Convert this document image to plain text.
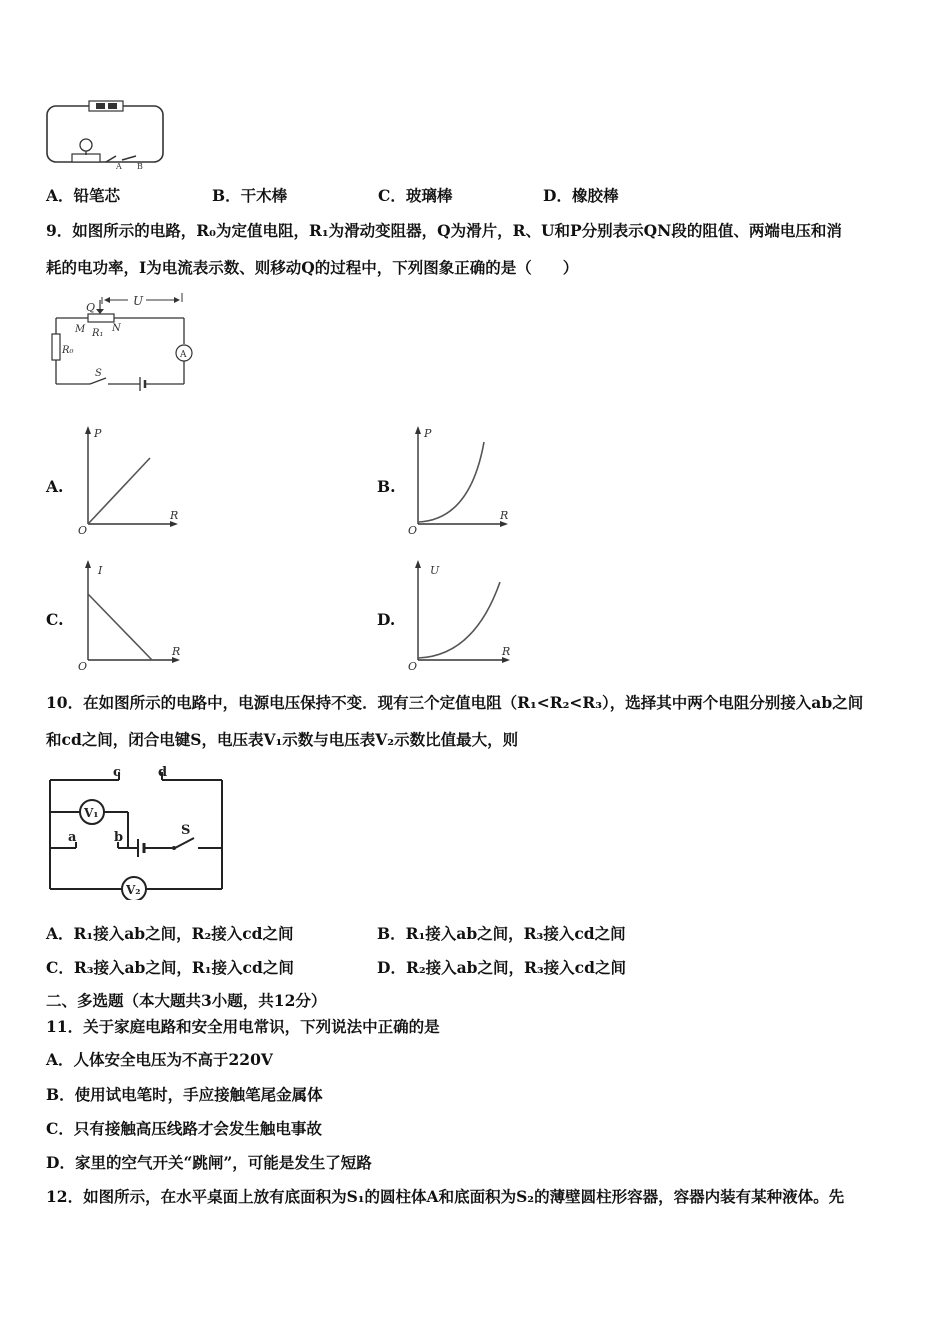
A B
A．铅笔芯	B．干木棒	C．玻璃棒	D．橡胶棒
9．如图所示的电路，R₀为定值电阻，R₁为滑动变阻器，Q为滑片，R、U和P分别表示QN段的阻值、两端电压和消
耗的电功率，I为电流表示数、则移动Q的过程中，下列图象正确的是（　　）
U
Q
M R₁ N
R₀	A
S
A.	B.
C.	D.
P
R
O
P
R
O
I
R
O
U
R
O
10．在如图所示的电路中，电源电压保持不变．现有三个定值电阻（R₁<R₂<R₃），选择其中两个电阻分别接入ab之间
和cd之间，闭合电键S，电压表V₁示数与电压表V₂示数比值最大，则
c	d
V₁
a	b	S
V₂
A．R₁接入ab之间，R₂接入cd之间	B．R₁接入ab之间，R₃接入cd之间
C．R₃接入ab之间，R₁接入cd之间	D．R₂接入ab之间，R₃接入cd之间
二、多选题（本大题共3小题，共12分）
11．关于家庭电路和安全用电常识，下列说法中正确的是
A．人体安全电压为不高于220V
B．使用试电笔时，手应接触笔尾金属体
C．只有接触高压线路才会发生触电事故
D．家里的空气开关“跳闸”，可能是发生了短路
12．如图所示，在水平桌面上放有底面积为S₁的圆柱体A和底面积为S₂的薄壁圆柱形容器，容器内装有某种液体。先
